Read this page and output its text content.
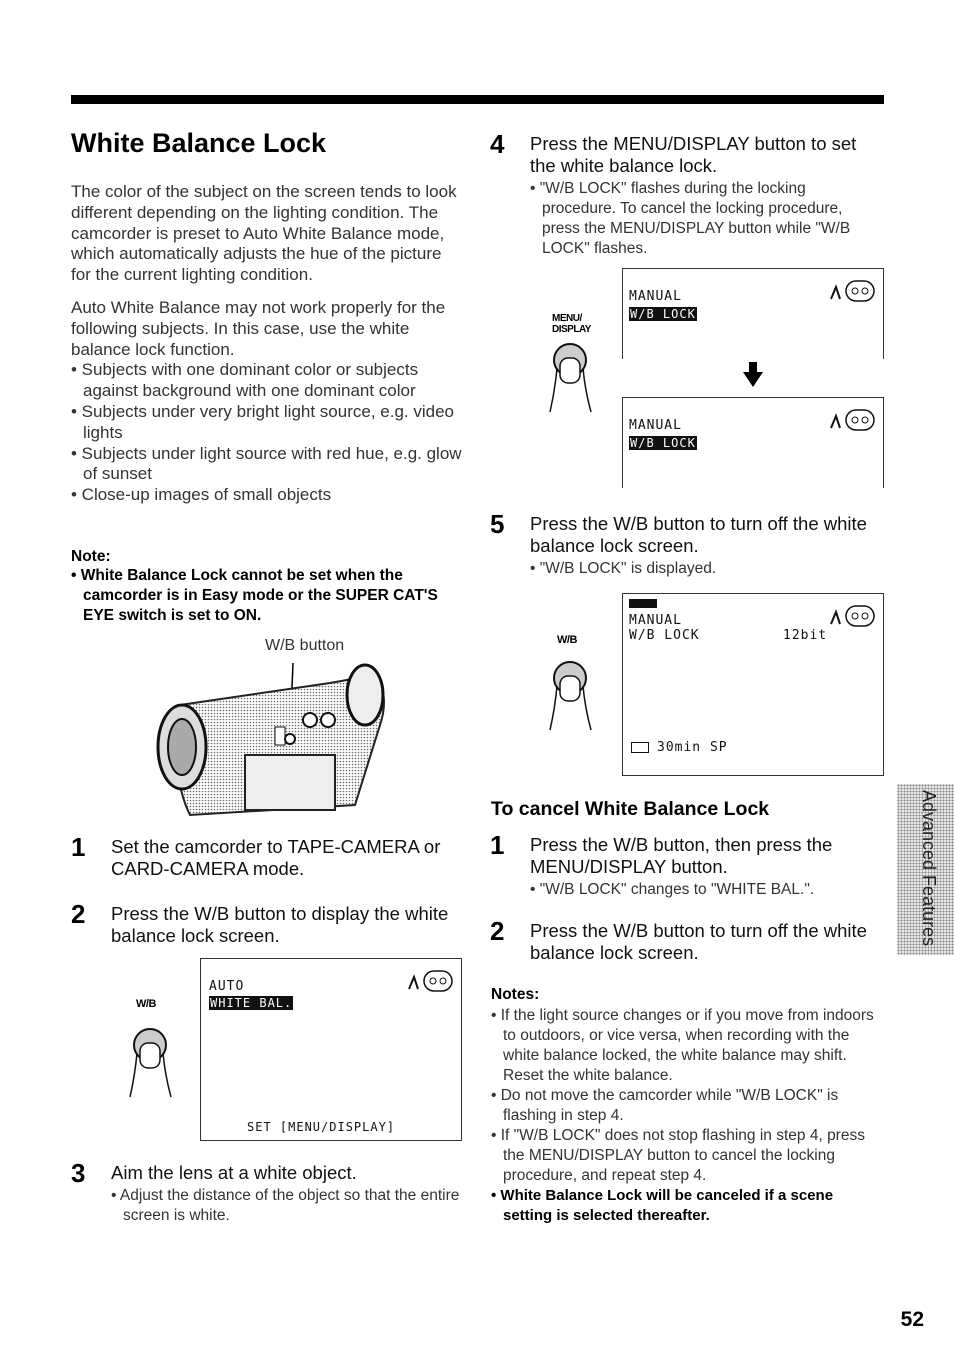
White Balance Lock

The color of the subject on the screen tends to look different depending on the lighting condition. The camcorder is preset to Auto White Balance mode, which automatically adjusts the hue of the picture for the current lighting condition.

Auto White Balance may not work properly for the following subjects. In this case, use the white balance lock function.

• Subjects with one dominant color or subjects against background with one dominant color

• Subjects under very bright light source, e.g. video lights

• Subjects under light source with red hue, e.g. glow of sunset

• Close-up images of small objects

Note:

• White Balance Lock cannot be set when the camcorder is in Easy mode or the SUPER CAT'S EYE switch is set to ON.

W/B button
1 Set the camcorder to TAPE-CAMERA or CARD-CAMERA mode.

2 Press the W/B button to display the white balance lock screen.

W/B
AUTO
WHITE BAL.
SET [MENU/DISPLAY]
3 Aim the lens at a white object.

• Adjust the distance of the object so that the entire screen is white.

4 Press the MENU/DISPLAY button to set the white balance lock.

• "W/B LOCK" flashes during the locking procedure. To cancel the locking procedure, press the MENU/DISPLAY button while "W/B LOCK" flashes.

MENU/ DISPLAY
MANUAL
W/B LOCK
MANUAL
W/B LOCK
5 Press the W/B button to turn off the white balance lock screen.

• "W/B LOCK" is displayed.

W/B
MANUAL
W/B LOCK	12bit
30min SP
To cancel White Balance Lock
1 Press the W/B button, then press the MENU/DISPLAY button.

• "W/B LOCK" changes to "WHITE BAL.".

2 Press the W/B button to turn off the white balance lock screen.

Notes:

• If the light source changes or if you move from indoors to outdoors, or vice versa, when recording with the white balance locked, the white balance may shift. Reset the white balance.

• Do not move the camcorder while "W/B LOCK" is flashing in step 4.

• If "W/B LOCK" does not stop flashing in step 4, press the MENU/DISPLAY button to cancel the locking procedure, and repeat step 4.

• White Balance Lock will be canceled if a scene setting is selected thereafter.

Advanced Features
52
